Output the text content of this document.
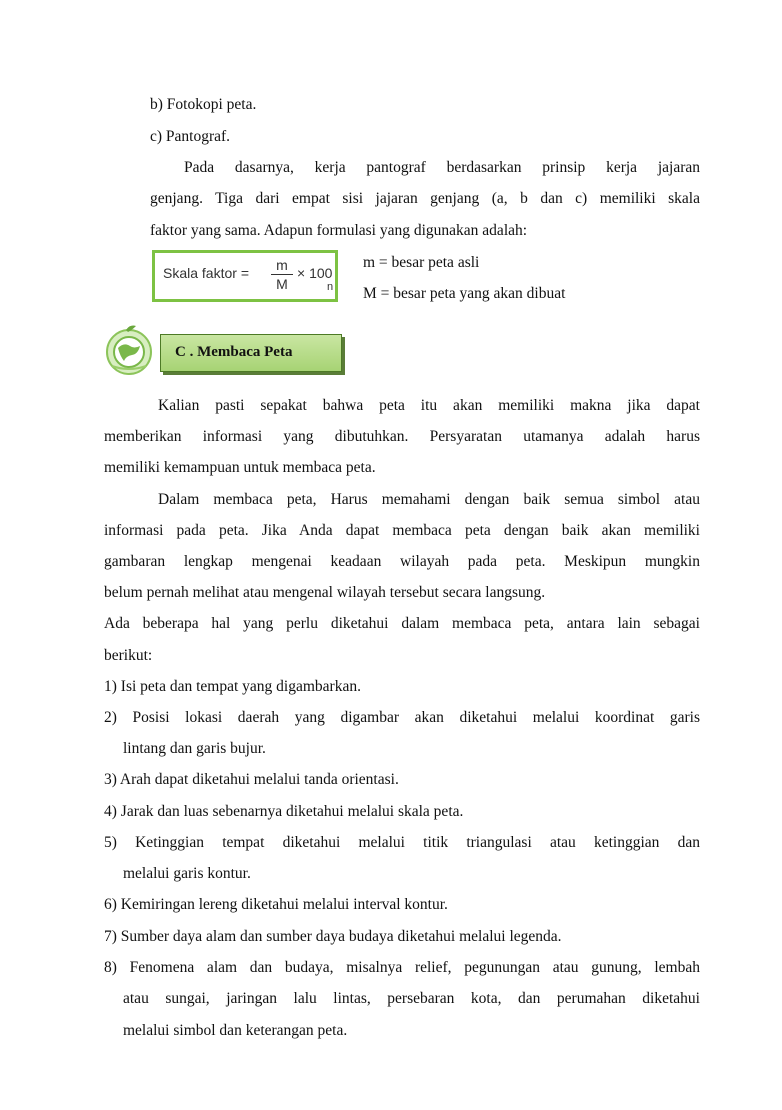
b) Fotokopi peta.
c) Pantograf.
Pada dasarnya, kerja pantograf berdasarkan prinsip kerja jajaran
genjang. Tiga dari empat sisi jajaran genjang (a, b dan c) memiliki skala
faktor yang sama. Adapun formulasi yang digunakan adalah:
Skala faktor =	m
M
× 100
n
m = besar peta asli
M = besar peta yang akan dibuat
C . Membaca Peta
Kalian pasti sepakat bahwa peta itu akan memiliki makna jika dapat
memberikan informasi yang dibutuhkan. Persyaratan utamanya adalah harus
memiliki kemampuan untuk membaca peta.
Dalam membaca peta, Harus memahami dengan baik semua simbol atau
informasi pada peta. Jika Anda dapat membaca peta dengan baik akan memiliki
gambaran lengkap mengenai keadaan wilayah pada peta. Meskipun mungkin
belum pernah melihat atau mengenal wilayah tersebut secara langsung.
Ada beberapa hal yang perlu diketahui dalam membaca peta, antara lain sebagai
berikut:
1) Isi peta dan tempat yang digambarkan.
2) Posisi lokasi daerah yang digambar akan diketahui melalui koordinat garis
lintang dan garis bujur.
3) Arah dapat diketahui melalui tanda orientasi.
4) Jarak dan luas sebenarnya diketahui melalui skala peta.
5) Ketinggian tempat diketahui melalui titik triangulasi atau ketinggian dan
melalui garis kontur.
6) Kemiringan lereng diketahui melalui interval kontur.
7) Sumber daya alam dan sumber daya budaya diketahui melalui legenda.
8) Fenomena alam dan budaya, misalnya relief, pegunungan atau gunung, lembah
atau sungai, jaringan lalu lintas, persebaran kota, dan perumahan diketahui
melalui simbol dan keterangan peta.
